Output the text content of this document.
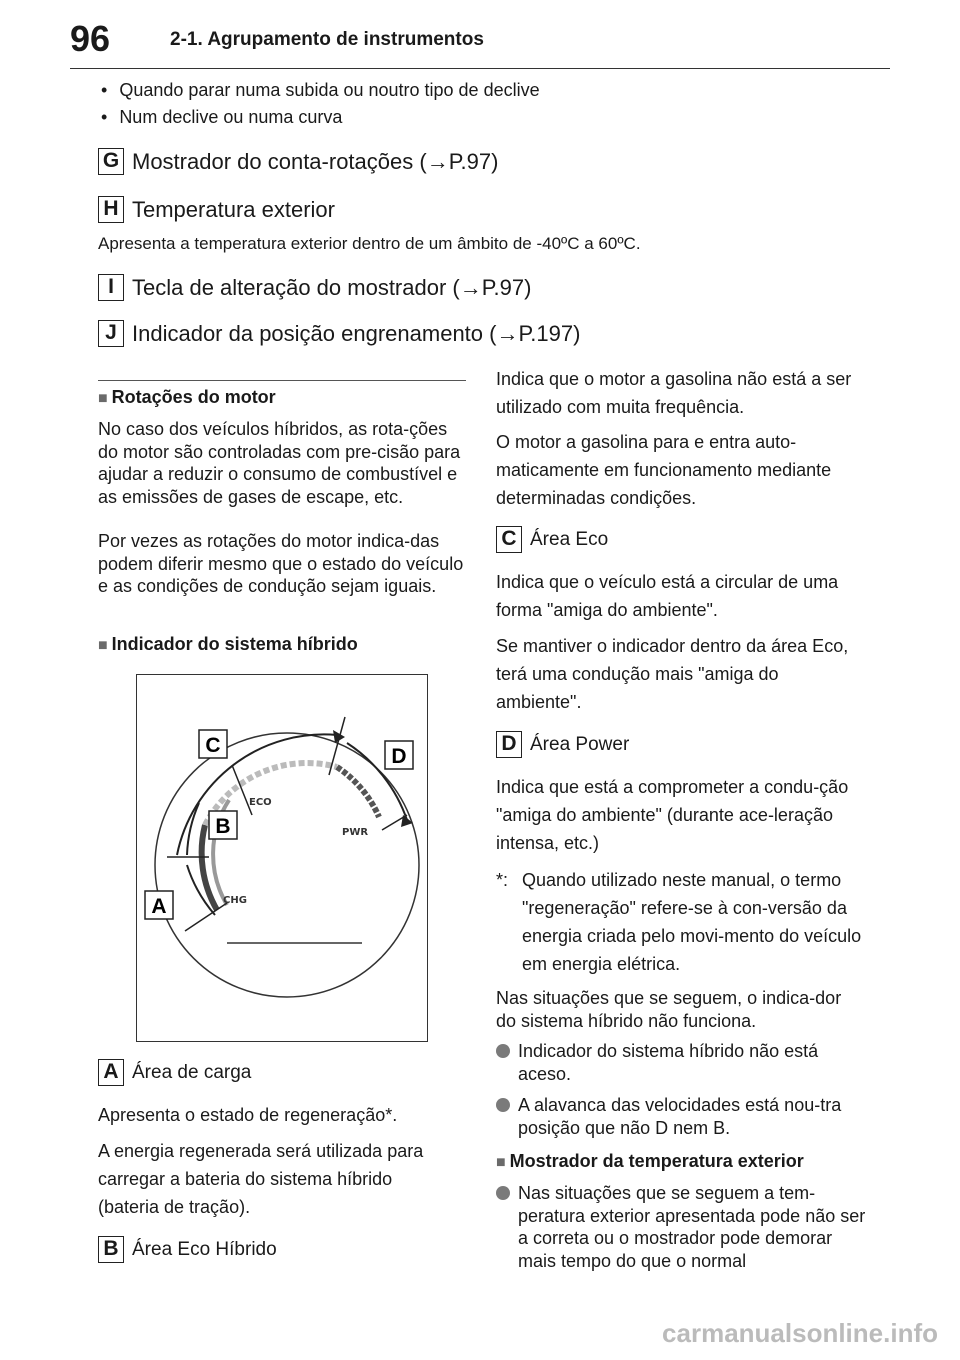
96	2-1. Agrupamento de instrumentos
• Quando parar numa subida ou noutro tipo de declive
• Num declive ou numa curva
G Mostrador do conta-rotações (→P.97)
H Temperatura exterior
Apresenta a temperatura exterior dentro de um âmbito de -40ºC a 60ºC.
I Tecla de alteração do mostrador (→P.97)
J Indicador da posição engrenamento (→P.197)
■ Rotações do motor
No caso dos veículos híbridos, as rota-ções do motor são controladas com pre-cisão para ajudar a reduzir o consumo de combustível e as emissões de gases de escape, etc.
Por vezes as rotações do motor indica-das podem diferir mesmo que o estado do veículo e as condições de condução sejam iguais.
■ Indicador do sistema híbrido
ECO
PWR
CHG
C	D
B
A
A Área de carga
Apresenta o estado de regeneração*.
A energia regenerada será utilizada para carregar a bateria do sistema híbrido (bateria de tração).
B Área Eco Híbrido
Indica que o motor a gasolina não está a ser utilizado com muita frequência.
O motor a gasolina para e entra auto-maticamente em funcionamento mediante determinadas condições.
C Área Eco
Indica que o veículo está a circular de uma forma "amiga do ambiente".
Se mantiver o indicador dentro da área Eco, terá uma condução mais "amiga do ambiente".
D Área Power
Indica que está a comprometer a condu-ção "amiga do ambiente" (durante ace-leração intensa, etc.)
*: Quando utilizado neste manual, o termo "regeneração" refere-se à con-versão da energia criada pelo movi-mento do veículo em energia elétrica.
Nas situações que se seguem, o indica-dor do sistema híbrido não funciona.
Indicador do sistema híbrido não está aceso.
A alavanca das velocidades está nou-tra posição que não D nem B.
■ Mostrador da temperatura exterior
Nas situações que se seguem a tem-peratura exterior apresentada pode não ser a correta ou o mostrador pode demorar mais tempo do que o normal
carmanualsonline.info
